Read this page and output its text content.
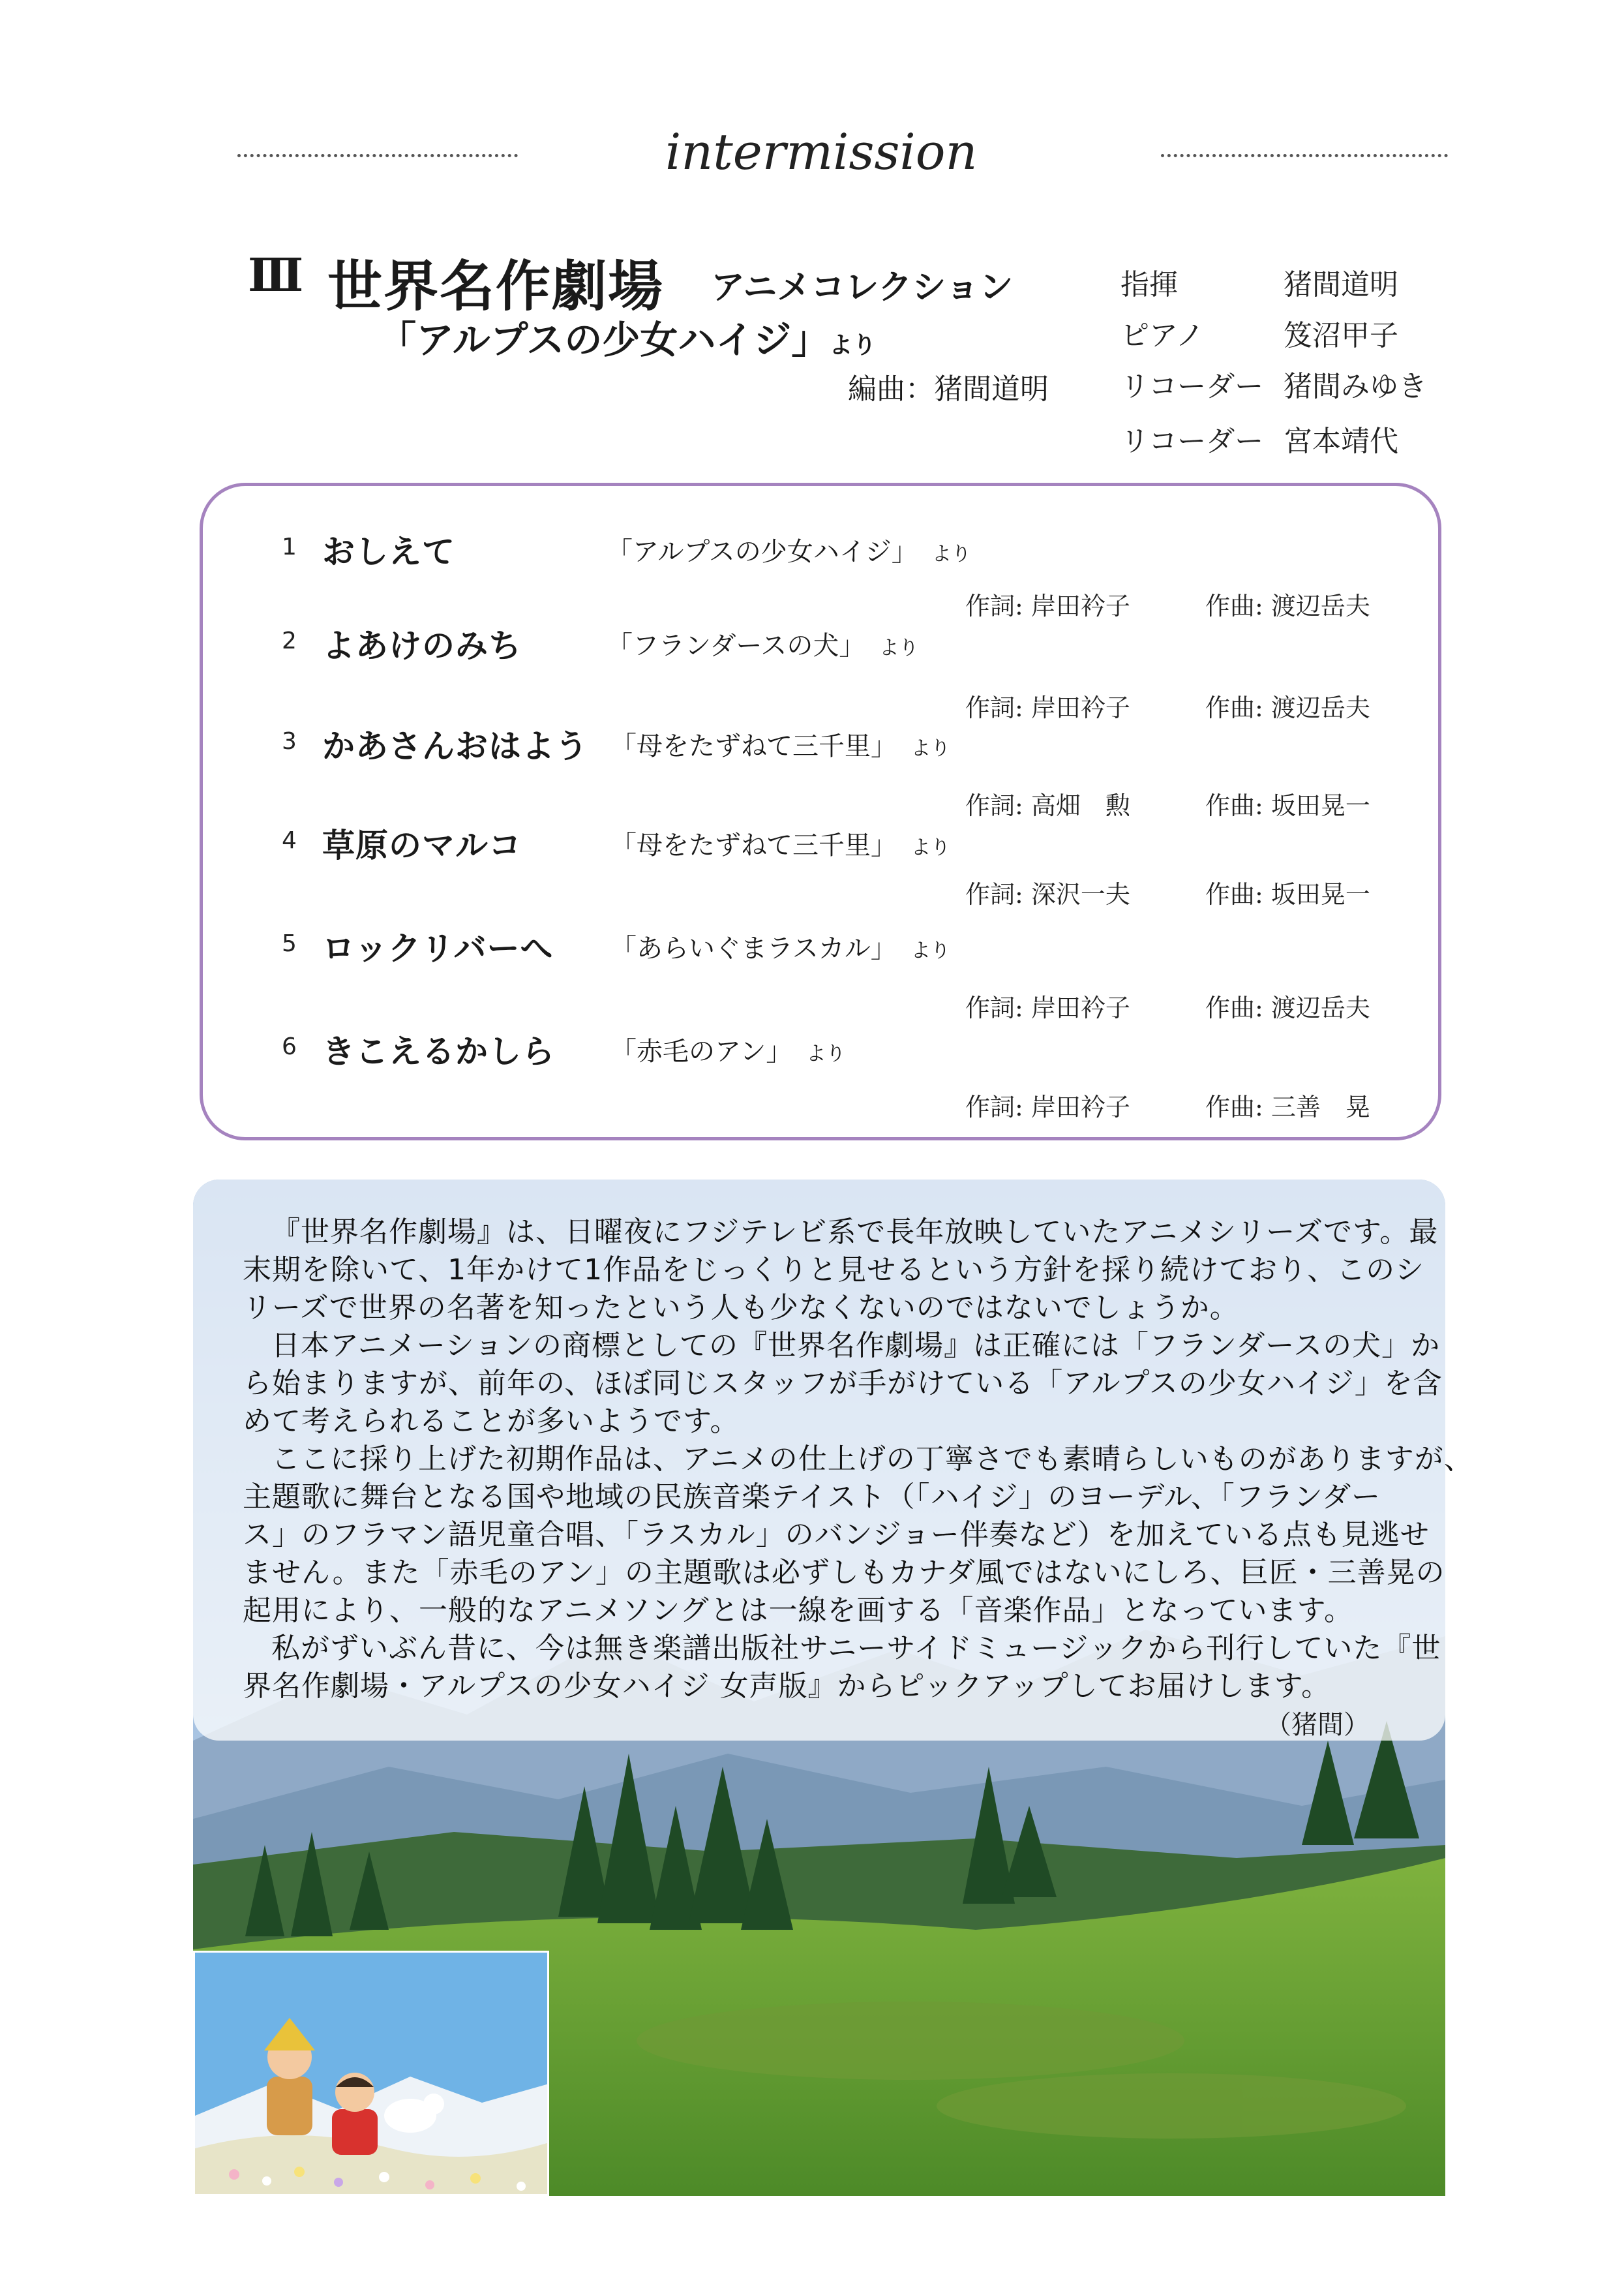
intermission
Ⅲ 世界名作劇場 アニメコレクション
「アルプスの少女ハイジ」より
編曲：猪間道明
指揮	猪間道明
ピアノ	笈沼甲子
リコーダー 猪間みゆき
リコーダー 宮本靖代
1 おしえて	「アルプスの少女ハイジ」 より
作詞: 岸田衿子	作曲: 渡辺岳夫
2 よあけのみち	「フランダースの犬」 より
作詞: 岸田衿子	作曲: 渡辺岳夫
3 かあさんおはよう 「母をたずねて三千里」 より
作詞: 高畑　勲	作曲: 坂田晃一
4 草原のマルコ	「母をたずねて三千里」 より
作詞: 深沢一夫	作曲: 坂田晃一
5 ロックリバーへ 「あらいぐまラスカル」 より
作詞: 岸田衿子	作曲: 渡辺岳夫
6 きこえるかしら 「赤毛のアン」 より
作詞: 岸田衿子	作曲: 三善　晃
『世界名作劇場』は、日曜夜にフジテレビ系で長年放映していたアニメシリーズです。最
末期を除いて、1年かけて1作品をじっくりと見せるという方針を採り続けており、このシ
リーズで世界の名著を知ったという人も少なくないのではないでしょうか。
日本アニメーションの商標としての『世界名作劇場』は正確には「フランダースの犬」か
ら始まりますが、前年の、ほぼ同じスタッフが手がけている「アルプスの少女ハイジ」を含
めて考えられることが多いようです。
ここに採り上げた初期作品は、アニメの仕上げの丁寧さでも素晴らしいものがありますが、
主題歌に舞台となる国や地域の民族音楽テイスト（「ハイジ」のヨーデル、「フランダー
ス」のフラマン語児童合唱、「ラスカル」のバンジョー伴奏など）を加えている点も見逃せ
ません。また「赤毛のアン」の主題歌は必ずしもカナダ風ではないにしろ、巨匠・三善晃の
起用により、一般的なアニメソングとは一線を画する「音楽作品」となっています。
私がずいぶん昔に、今は無き楽譜出版社サニーサイドミュージックから刊行していた『世
界名作劇場・アルプスの少女ハイジ 女声版』からピックアップしてお届けします。
（猪間）
